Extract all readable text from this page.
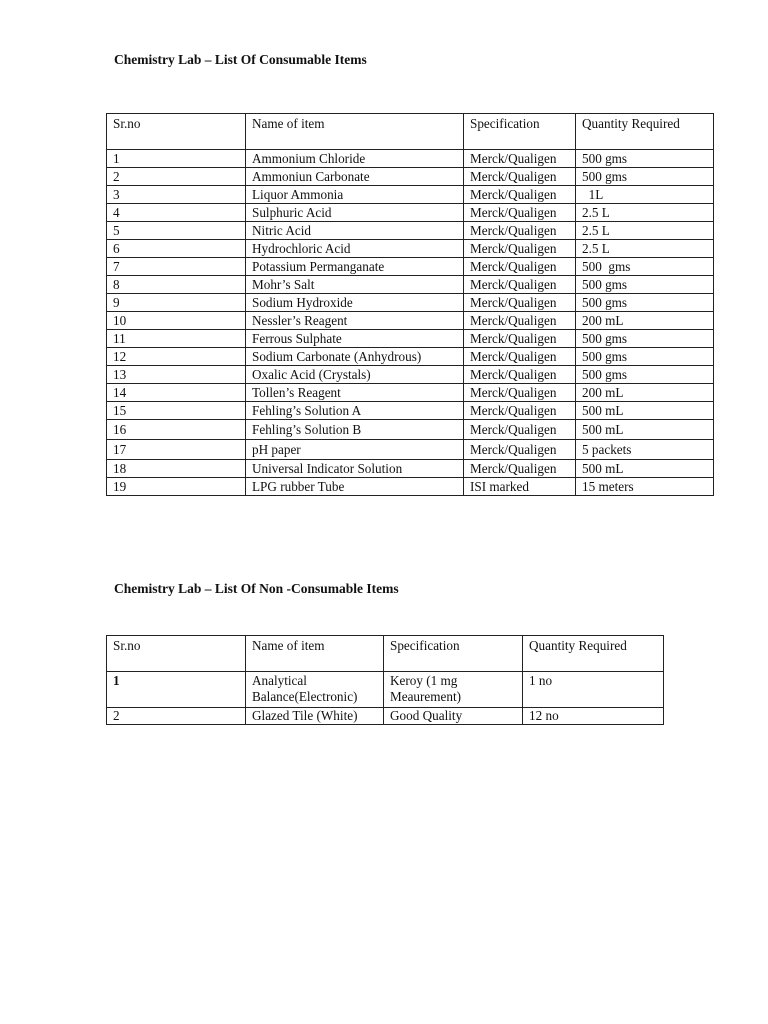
Chemistry Lab – List Of Consumable Items
Sr.no	Name of item	Specification	Quantity Required
1	Ammonium Chloride	Merck/Qualigen	500 gms
2	Ammoniun Carbonate	Merck/Qualigen	500 gms
3	Liquor Ammonia	Merck/Qualigen	1L
4	Sulphuric Acid	Merck/Qualigen	2.5 L
5	Nitric Acid	Merck/Qualigen	2.5 L
6	Hydrochloric Acid	Merck/Qualigen	2.5 L
7	Potassium Permanganate	Merck/Qualigen	500  gms
8	Mohr’s Salt	Merck/Qualigen	500 gms
9	Sodium Hydroxide	Merck/Qualigen	500 gms
10	Nessler’s Reagent	Merck/Qualigen	200 mL
11	Ferrous Sulphate	Merck/Qualigen	500 gms
12	Sodium Carbonate (Anhydrous)	Merck/Qualigen	500 gms
13	Oxalic Acid (Crystals)	Merck/Qualigen	500 gms
14	Tollen’s Reagent	Merck/Qualigen	200 mL
15	Fehling’s Solution A	Merck/Qualigen	500 mL
16	Fehling’s Solution B	Merck/Qualigen	500 mL
17	pH paper	Merck/Qualigen	5 packets
18	Universal Indicator Solution	Merck/Qualigen	500 mL
19	LPG rubber Tube	ISI marked	15 meters
Chemistry Lab – List Of Non -Consumable Items
Sr.no	Name of item	Specification	Quantity Required
1	Analytical Balance(Electronic)	Keroy (1 mg Meaurement)	1 no
2	Glazed Tile (White)	Good Quality	12 no
